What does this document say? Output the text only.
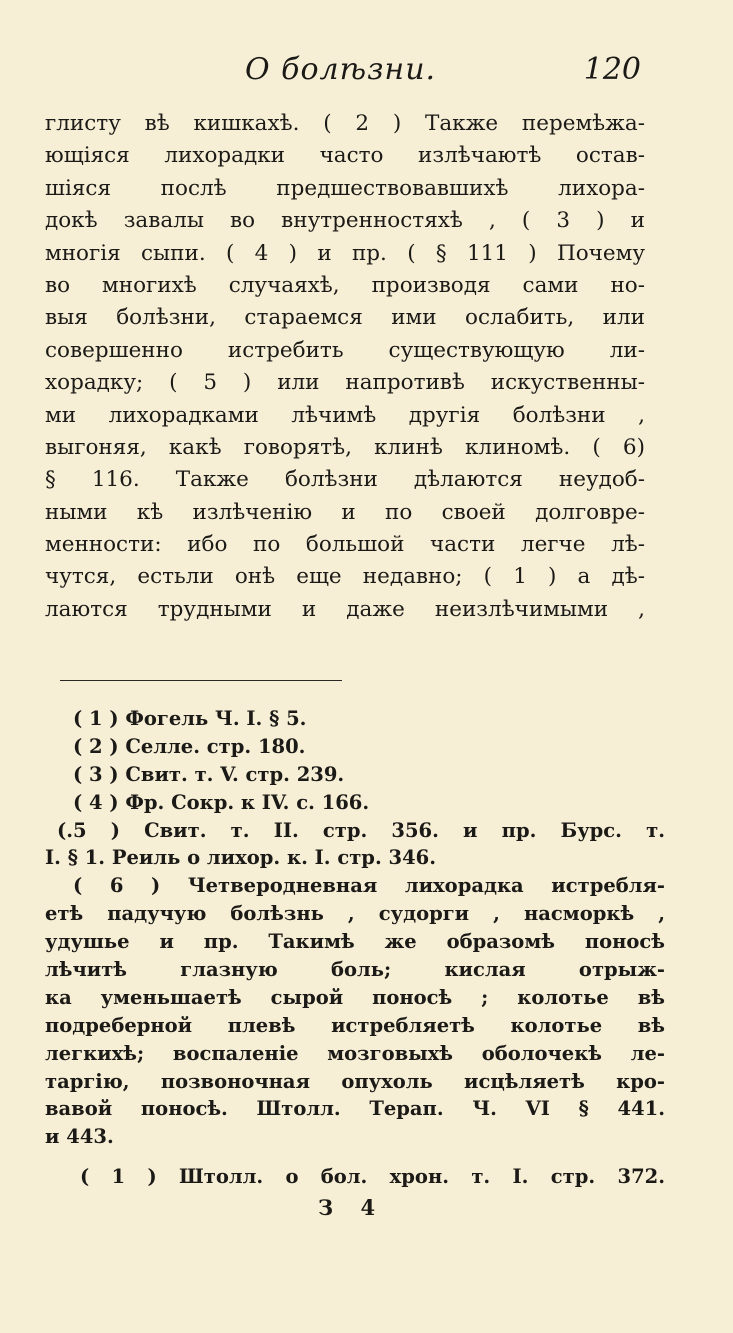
О болѣзни.	120
глисту вѣ кишкахѣ. ( 2 ) Также перемѣжа-
ющіяся лихорадки часто излѣчаютѣ остав-
шіяся послѣ предшествовавшихѣ лихора-
докѣ завалы во внутренностяхѣ , ( 3 ) и
многія сыпи. ( 4 ) и пр. ( § 111 ) Почему
во многихѣ случаяхѣ, производя сами но-
выя болѣзни, стараемся ими ослабить, или
совершенно истребить существующую ли-
хорадку; ( 5 ) или напротивѣ искуственны-
ми лихорадками лѣчимѣ другія болѣзни ,
выгоняя, какѣ говорятѣ, клинѣ клиномѣ. ( 6)
§ 116. Также болѣзни дѣлаются неудоб-
ными кѣ излѣченію и по своей долговре-
менности: ибо по большой части легче лѣ-
чутся, естьли онѣ еще недавно; ( 1 ) а дѣ-
лаются трудными и даже неизлѣчимыми ,
( 1 ) Фогель Ч. I. § 5.
( 2 ) Селле. стр. 180.
( 3 ) Свит. т. V. стр. 239.
( 4 ) Фр. Сокр. к IV. с. 166.
(.5 ) Свит. т. II. стр. 356. и пр. Бурс. т.
I. § 1. Реиль о лихор. к. I. стр. 346.
( 6 ) Четвероднeвная лихорадка истребля-
етѣ падучую болѣзнь , судорги , насморкѣ ,
удушье и пр. Такимѣ же образомѣ поносѣ
лѣчитѣ глазную боль; кислая отрыж-
ка уменьшаетѣ сырой поносѣ ; колотье вѣ
подреберной плевѣ истребляетѣ колотье вѣ
легкихѣ; воспаленіе мозговыхѣ оболочекѣ ле-
таргію, позвоночная опухоль исцѣляетѣ кро-
вавой поносѣ. Штолл. Терап. Ч. VI § 441.
и 443.
( 1 ) Штолл. о бол. хрон. т. I. стр. 372.
З 4
